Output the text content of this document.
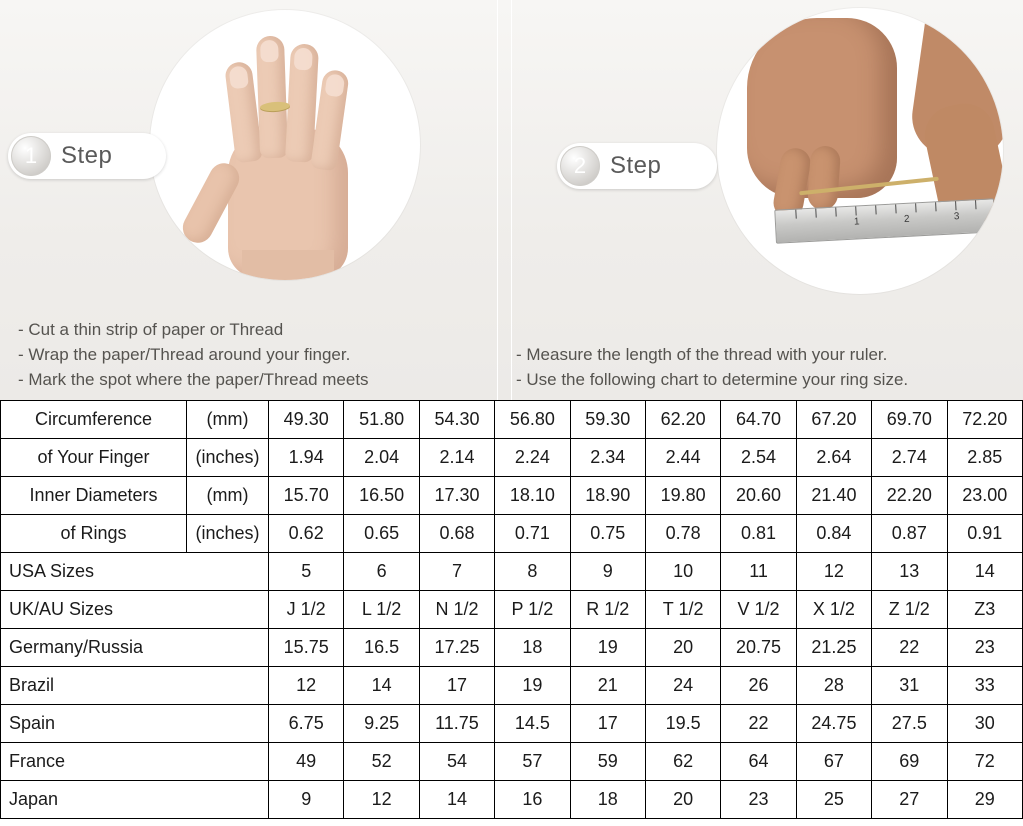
1 Step
- Cut a thin strip of paper or Thread
- Wrap the paper/Thread around your finger.
- Mark the spot where the paper/Thread meets
1	2	3
2 Step
- Measure the length of the thread with your ruler.
- Use the following chart to determine your ring size.
Circumference	(mm)	49.30	51.80	54.30	56.80	59.30	62.20	64.70	67.20	69.70	72.20
of Your Finger	(inches)	1.94	2.04	2.14	2.24	2.34	2.44	2.54	2.64	2.74	2.85
Inner Diameters	(mm)	15.70	16.50	17.30	18.10	18.90	19.80	20.60	21.40	22.20	23.00
of Rings	(inches)	0.62	0.65	0.68	0.71	0.75	0.78	0.81	0.84	0.87	0.91
USA Sizes		5	6	7	8	9	10	11	12	13	14
UK/AU Sizes		J 1/2	L 1/2	N 1/2	P 1/2	R 1/2	T 1/2	V 1/2	X 1/2	Z 1/2	Z3
Germany/Russia		15.75	16.5	17.25	18	19	20	20.75	21.25	22	23
Brazil		12	14	17	19	21	24	26	28	31	33
Spain		6.75	9.25	11.75	14.5	17	19.5	22	24.75	27.5	30
France		49	52	54	57	59	62	64	67	69	72
Japan		9	12	14	16	18	20	23	25	27	29
